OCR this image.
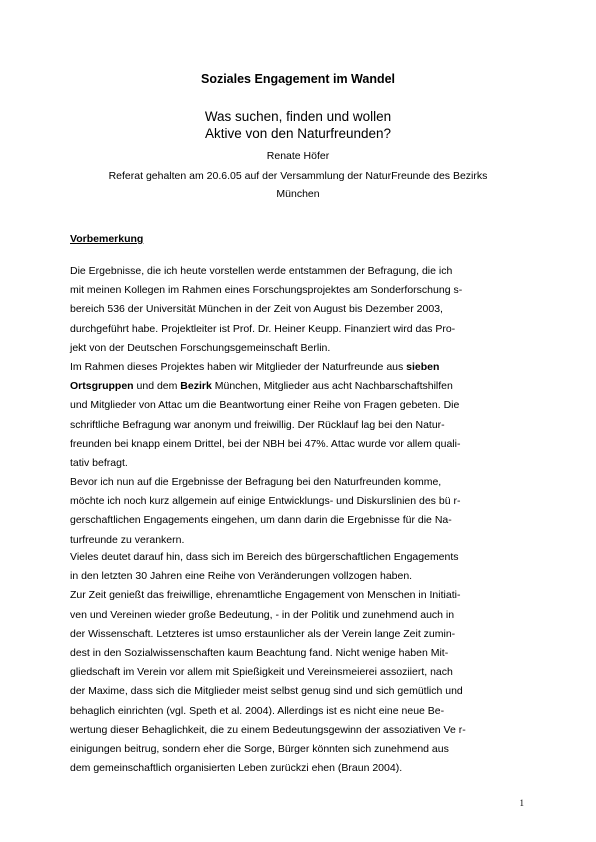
Soziales Engagement im Wandel
Was suchen, finden und wollen
Aktive von den Naturfreunden?
Renate Höfer
Referat gehalten am 20.6.05 auf der Versammlung der NaturFreunde des Bezirks
München
Vorbemerkung
Die Ergebnisse, die ich heute vorstellen werde entstammen der Befragung, die ich
mit meinen Kollegen im Rahmen eines Forschungsprojektes am Sonderforschung s-
bereich 536 der Universität München in der Zeit von August bis Dezember 2003,
durchgeführt habe. Projektleiter ist Prof. Dr. Heiner Keupp. Finanziert wird das Pro-
jekt von der Deutschen Forschungsgemeinschaft Berlin.
Im Rahmen dieses Projektes haben wir Mitglieder der Naturfreunde aus sieben
Ortsgruppen und dem Bezirk München, Mitglieder aus acht Nachbarschaftshilfen
und Mitglieder von Attac um die Beantwortung einer Reihe von Fragen gebeten. Die
schriftliche Befragung war anonym und freiwillig. Der Rücklauf lag bei den Natur-
freunden bei knapp einem Drittel, bei der NBH bei 47%. Attac wurde vor allem quali-
tativ befragt.
Bevor ich nun auf die Ergebnisse der Befragung bei den Naturfreunden komme,
möchte ich noch kurz allgemein auf einige Entwicklungs- und Diskurslinien des bü r-
gerschaftlichen Engagements eingehen, um dann darin die Ergebnisse für die Na-
turfreunde zu verankern.
Vieles deutet darauf hin, dass sich im Bereich des bürgerschaftlichen Engagements
in den letzten 30 Jahren eine Reihe von Veränderungen vollzogen haben.
Zur Zeit genießt das freiwillige, ehrenamtliche Engagement von Menschen in Initiati-
ven und Vereinen wieder große Bedeutung, - in der Politik und zunehmend auch in
der Wissenschaft. Letzteres ist umso erstaunlicher als der Verein lange Zeit zumin-
dest in den Sozialwissenschaften kaum Beachtung fand. Nicht wenige haben Mit-
gliedschaft im Verein vor allem mit Spießigkeit und Vereinsmeierei assoziiert, nach
der Maxime, dass sich die Mitglieder meist selbst genug sind und sich gemütlich und
behaglich einrichten (vgl. Speth et al. 2004). Allerdings ist es nicht eine neue Be-
wertung dieser Behaglichkeit, die zu einem Bedeutungsgewinn der assoziativen Ve r-
einigungen beitrug, sondern eher die Sorge, Bürger könnten sich zunehmend aus
dem gemeinschaftlich organisierten Leben zurückzi ehen (Braun 2004).
1
